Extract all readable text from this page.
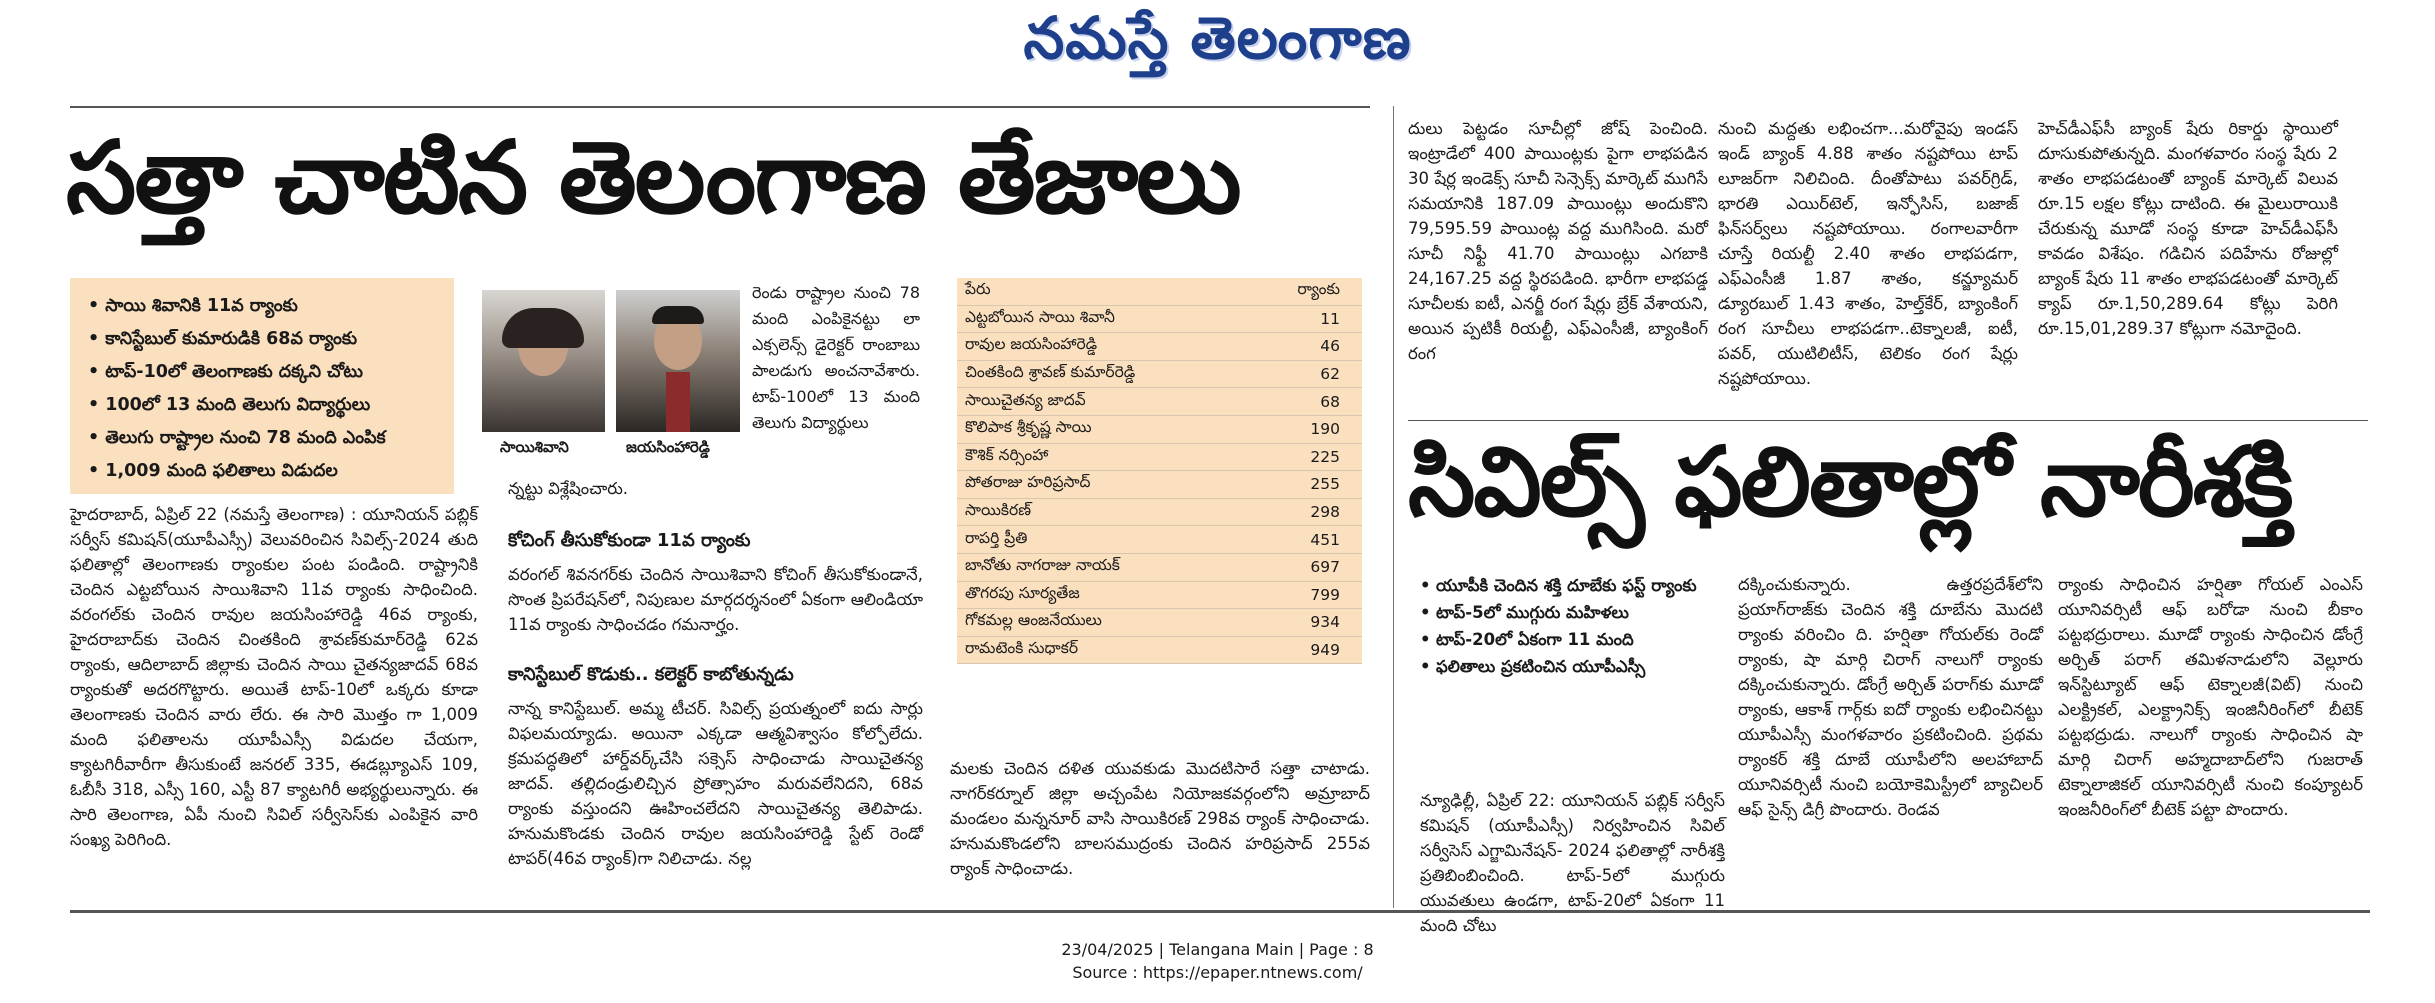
నమస్తే తెలంగాణ
సత్తా చాటిన తెలంగాణ తేజాలు
• సాయి శివానికి 11వ ర్యాంకు
• కానిస్టేబుల్ కుమారుడికి 68వ ర్యాంకు
• టాప్-10లో తెలంగాణకు దక్కని చోటు
• 100లో 13 మంది తెలుగు విద్యార్థులు
• తెలుగు రాష్ట్రాల నుంచి 78 మంది ఎంపిక
• 1,009 మంది ఫలితాలు విడుదల
సాయిశివాని	జయసింహారెడ్డి
రెండు రాష్ట్రాల నుంచి 78 మంది ఎంపికైనట్టు లా ఎక్సలెన్స్ డైరెక్టర్ రాంబాబు పాలడుగు అంచనావేశారు. టాప్-100లో 13 మంది తెలుగు విద్యార్థులు
న్నట్టు విశ్లేషించారు.
హైదరాబాద్, ఏప్రిల్ 22 (నమస్తే తెలంగాణ) : యూనియన్ పబ్లిక్ సర్వీస్ కమిషన్(యూపీఎస్సీ) వెలువరించిన సివిల్స్-2024 తుది ఫలితాల్లో తెలంగాణకు ర్యాంకుల పంట పండింది. రాష్ట్రానికి చెందిన ఎట్టబోయిన సాయిశివాని 11వ ర్యాంకు సాధించింది. వరంగల్‌కు చెందిన రావుల జయసింహారెడ్డి 46వ ర్యాంకు, హైదరాబాద్‌కు చెందిన చింతకింది శ్రావణ్‌కుమార్‌రెడ్డి 62వ ర్యాంకు, ఆదిలాబాద్ జిల్లాకు చెందిన సాయి చైతన్యజాదవ్ 68వ ర్యాంకుతో అదరగొట్టారు. అయితే టాప్-10లో ఒక్కరు కూడా తెలంగాణకు చెందిన వారు లేరు. ఈ సారి మొత్తం గా 1,009 మంది ఫలితాలను యూపీఎస్సీ విడుదల చేయగా, క్యాటగిరీవారీగా తీసుకుంటే జనరల్ 335, ఈడబ్ల్యూఎస్ 109, ఓబీసీ 318, ఎస్సీ 160, ఎస్టీ 87 క్యాటగిరీ అభ్యర్థులున్నారు. ఈ సారి తెలంగాణ, ఏపీ నుంచి సివిల్ సర్వీసెస్‌కు ఎంపికైన వారి సంఖ్య పెరిగింది.
కోచింగ్ తీసుకోకుండా 11వ ర్యాంకు
వరంగల్ శివనగర్‌కు చెందిన సాయిశివాని కోచింగ్ తీసుకోకుండానే, సొంత ప్రిపరేషన్‌లో, నిపుణుల మార్గదర్శనంలో ఏకంగా ఆలిండియా 11వ ర్యాంకు సాధించడం గమనార్హం.
కానిస్టేబుల్ కొడుకు.. కలెక్టర్ కాబోతున్నడు
నాన్న కానిస్టేబుల్. అమ్మ టీచర్. సివిల్స్ ప్రయత్నంలో ఐదు సార్లు విఫలమయ్యాడు. అయినా ఎక్కడా ఆత్మవిశ్వాసం కోల్పోలేదు. క్రమపద్ధతిలో హార్డ్‌వర్క్‌చేసి సక్సెస్ సాధించాడు సాయిచైతన్య జాదవ్. తల్లిదండ్రులిచ్చిన ప్రోత్సాహం మరువలేనిదని, 68వ ర్యాంకు వస్తుందని ఊహించలేదని సాయిచైతన్య తెలిపాడు. హనుమకొండకు చెందిన రావుల జయసింహారెడ్డి స్టేట్ రెండో టాపర్(46వ ర్యాంక్)గా నిలిచాడు. నల్ల
పేరు	ర్యాంకు
ఎట్టబోయిన సాయి శివానీ	11
రావుల జయసింహారెడ్డి	46
చింతకింది శ్రావణ్ కుమార్‌రెడ్డి	62
సాయిచైతన్య జాదవ్	68
కొలిపాక శ్రీకృష్ణ సాయి	190
కౌశిక్ నర్సింహా	225
పోతరాజు హరిప్రసాద్	255
సాయికిరణ్	298
రాపర్తి ప్రీతి	451
బానోతు నాగరాజు నాయక్	697
తొగరపు సూర్యతేజ	799
గోకమల్ల ఆంజనేయులు	934
రామటెంకి సుధాకర్	949
మలకు చెందిన దళిత యువకుడు మొదటిసారే సత్తా చాటాడు. నాగర్‌కర్నూల్ జిల్లా అచ్చంపేట నియోజకవర్గంలోని అమ్రాబాద్ మండలం మన్ననూర్ వాసి సాయికిరణ్ 298వ ర్యాంక్ సాధించాడు. హనుమకొండలోని బాలసముద్రంకు చెందిన హరిప్రసాద్ 255వ ర్యాంక్ సాధించాడు.
దులు పెట్టడం సూచీల్లో జోష్ పెంచింది. ఇంట్రాడేలో 400 పాయింట్లకు పైగా లాభపడిన 30 షేర్ల ఇండెక్స్ సూచీ సెన్సెక్స్ మార్కెట్ ముగిసే సమయానికి 187.09 పాయింట్లు అందుకొని 79,595.59 పాయింట్ల వద్ద ముగిసింది. మరో సూచీ నిఫ్టీ 41.70 పాయింట్లు ఎగబాకి 24,167.25 వద్ద స్థిరపడింది. భారీగా లాభపడ్డ సూచీలకు ఐటీ, ఎనర్జీ రంగ షేర్లు బ్రేక్ వేశాయని, అయిన ప్పటికీ రియల్టీ, ఎఫ్ఎంసీజీ, బ్యాంకింగ్ రంగ
నుంచి మద్దతు లభించగా...మరోవైపు ఇండస్ ఇండ్ బ్యాంక్ 4.88 శాతం నష్టపోయి టాప్ లూజర్‌గా నిలిచింది. దీంతోపాటు పవర్‌గ్రిడ్, భారతి ఎయిర్‌టెల్, ఇన్ఫోసిస్, బజాజ్ ఫిన్‌సర్వ్‌లు నష్టపోయాయి. రంగాలవారీగా చూస్తే రియల్టీ 2.40 శాతం లాభపడగా, ఎఫ్ఎంసీజీ 1.87 శాతం, కన్జ్యూమర్ డ్యూరబుల్ 1.43 శాతం, హెల్త్‌కేర్, బ్యాంకింగ్ రంగ సూచీలు లాభపడగా..టెక్నాలజీ, ఐటీ, పవర్, యుటిలిటీస్, టెలికం రంగ షేర్లు నష్టపోయాయి.
హెచ్‌డీఎఫ్‌సీ బ్యాంక్ షేరు రికార్డు స్థాయిలో దూసుకుపోతున్నది. మంగళవారం సంస్థ షేరు 2 శాతం లాభపడటంతో బ్యాంక్ మార్కెట్ విలువ రూ.15 లక్షల కోట్లు దాటింది. ఈ మైలురాయికి చేరుకున్న మూడో సంస్థ కూడా హెచ్‌డీఎఫ్‌సీ కావడం విశేషం. గడిచిన పదిహేను రోజుల్లో బ్యాంక్ షేరు 11 శాతం లాభపడటంతో మార్కెట్ క్యాప్ రూ.1,50,289.64 కోట్లు పెరిగి రూ.15,01,289.37 కోట్లుగా నమోదైంది.
సివిల్స్ ఫలితాల్లో నారీశక్తి
• యూపీకి చెందిన శక్తి దూబేకు ఫస్ట్ ర్యాంకు
• టాప్-5లో ముగ్గురు మహిళలు
• టాప్-20లో ఏకంగా 11 మంది
• ఫలితాలు ప్రకటించిన యూపీఎస్సీ
న్యూఢిల్లీ, ఏప్రిల్ 22: యూనియన్ పబ్లిక్ సర్వీస్ కమిషన్ (యూపీఎస్సీ) నిర్వహించిన సివిల్ సర్వీసెస్ ఎగ్జామినేషన్- 2024 ఫలితాల్లో నారీశక్తి ప్రతిబింబించింది. టాప్-5లో ముగ్గురు యువతులు ఉండగా, టాప్-20లో ఏకంగా 11 మంది చోటు
దక్కించుకున్నారు. ఉత్తరప్రదేశ్‌లోని ప్రయాగ్‌రాజ్‌కు చెందిన శక్తి దూబేను మొదటి ర్యాంకు వరించిం ది. హర్షితా గోయల్‌కు రెండో ర్యాంకు, షా మార్గి చిరాగ్ నాలుగో ర్యాంకు దక్కించుకున్నారు. డోంగ్రే అర్చిత్ పరాగ్‌కు మూడో ర్యాంకు, ఆకాశ్ గార్గ్‌కు ఐదో ర్యాంకు లభించినట్టు యూపీఎస్సీ మంగళవారం ప్రకటించింది. ప్రథమ ర్యాంకర్ శక్తి దూబే యూపీలోని అలహాబాద్ యూనివర్సిటీ నుంచి బయోకెమిస్ట్రీలో బ్యాచిలర్ ఆఫ్ సైన్స్ డిగ్రీ పొందారు. రెండవ
ర్యాంకు సాధించిన హర్షితా గోయల్ ఎంఎస్ యూనివర్సిటీ ఆఫ్ బరోడా నుంచి బీకాం పట్టభద్రురాలు. మూడో ర్యాంకు సాధించిన డోంగ్రే అర్చిత్ పరాగ్ తమిళనాడులోని వెల్లూరు ఇన్‌స్టిట్యూట్ ఆఫ్ టెక్నాలజీ(విట్) నుంచి ఎలక్ట్రికల్, ఎలక్ట్రానిక్స్ ఇంజినీరింగ్‌లో బీటెక్ పట్టభద్రుడు. నాలుగో ర్యాంకు సాధించిన షా మార్గి చిరాగ్ అహ్మదాబాద్‌లోని గుజరాత్ టెక్నాలాజికల్ యూనివర్సిటీ నుంచి కంప్యూటర్ ఇంజనీరింగ్‌లో బీటెక్ పట్టా పొందారు.
23/04/2025 | Telangana Main | Page : 8
Source : https://epaper.ntnews.com/
